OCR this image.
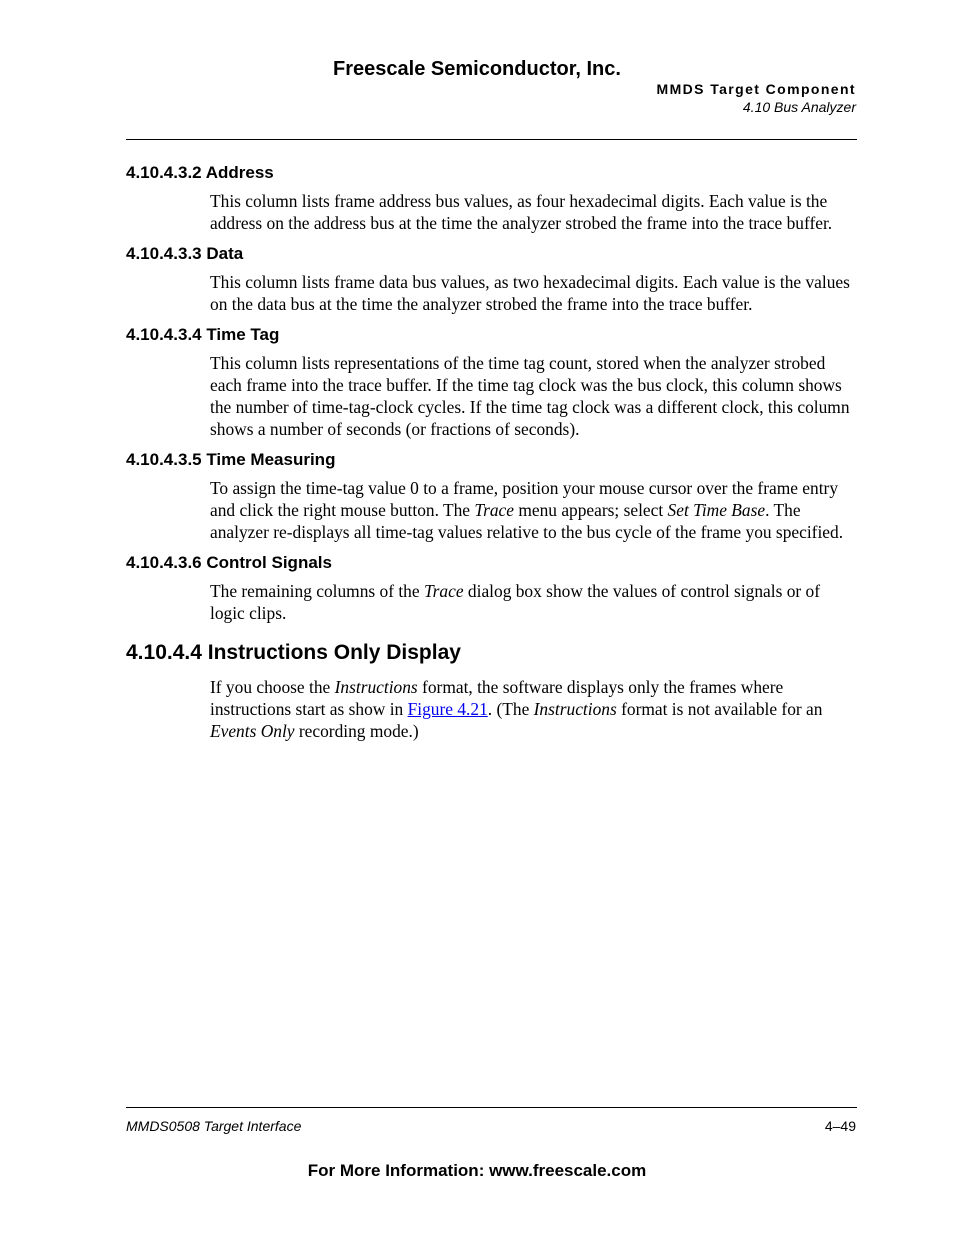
Freescale Semiconductor, Inc.
MMDS Target Component
4.10 Bus Analyzer
4.10.4.3.2 Address

This column lists frame address bus values, as four hexadecimal digits. Each value is the address on the address bus at the time the analyzer strobed the frame into the trace buffer.

4.10.4.3.3 Data

This column lists frame data bus values, as two hexadecimal digits. Each value is the values on the data bus at the time the analyzer strobed the frame into the trace buffer.

4.10.4.3.4 Time Tag

This column lists representations of the time tag count, stored when the analyzer strobed each frame into the trace buffer. If the time tag clock was the bus clock, this column shows the number of time-tag-clock cycles. If the time tag clock was a different clock, this column shows a number of seconds (or fractions of seconds).

4.10.4.3.5 Time Measuring

To assign the time-tag value 0 to a frame, position your mouse cursor over the frame entry and click the right mouse button. The Trace menu appears; select Set Time Base. The analyzer re-displays all time-tag values relative to the bus cycle of the frame you specified.

4.10.4.3.6 Control Signals

The remaining columns of the Trace dialog box show the values of control signals or of logic clips.

4.10.4.4 Instructions Only Display

If you choose the Instructions format, the software displays only the frames where instructions start as show in Figure 4.21. (The Instructions format is not available for an Events Only recording mode.)

MMDS0508 Target Interface	4–49
For More Information: www.freescale.com
